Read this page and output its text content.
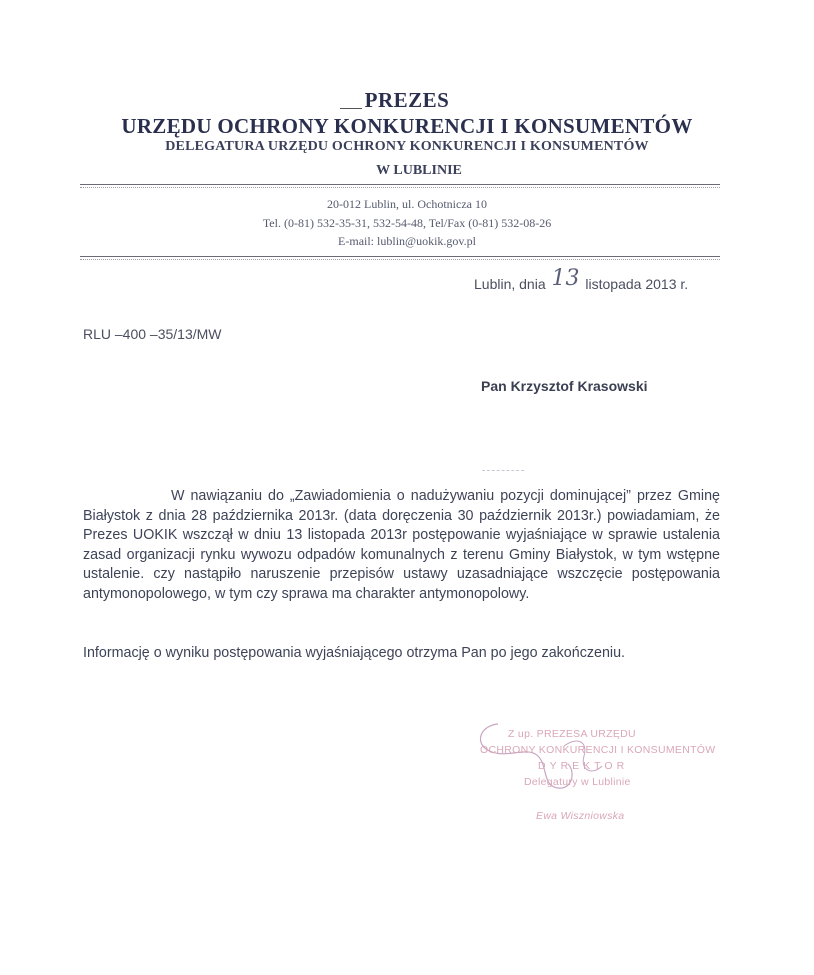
PREZES
URZĘDU OCHRONY KONKURENCJI I KONSUMENTÓW
DELEGATURA URZĘDU OCHRONY KONKURENCJI I KONSUMENTÓW
W LUBLINIE
20-012 Lublin, ul. Ochotnicza 10
Tel. (0-81) 532-35-31, 532-54-48, Tel/Fax (0-81) 532-08-26
E-mail: lublin@uokik.gov.pl
Lublin, dnia 13 listopada 2013 r.
RLU –400 –35/13/MW
Pan Krzysztof Krasowski
W nawiązaniu do „Zawiadomienia o nadużywaniu pozycji dominującej” przez Gminę Białystok z dnia 28 października 2013r. (data doręczenia 30 październik 2013r.) powiadamiam, że Prezes UOKIK wszczął w dniu 13 listopada 2013r postępowanie wyjaśniające w sprawie ustalenia zasad organizacji rynku wywozu odpadów komunalnych z terenu Gminy Białystok, w tym wstępne ustalenie. czy nastąpiło naruszenie przepisów ustawy uzasadniające wszczęcie postępowania antymonopolowego, w tym czy sprawa ma charakter antymonopolowy.
Informację o wyniku postępowania wyjaśniającego otrzyma Pan po jego zakończeniu.
Z up. PREZESA URZĘDU
OCHRONY KONKURENCJI I KONSUMENTÓW
DYREKTOR
Delegatury w Lublinie
Ewa Wiszniowska
